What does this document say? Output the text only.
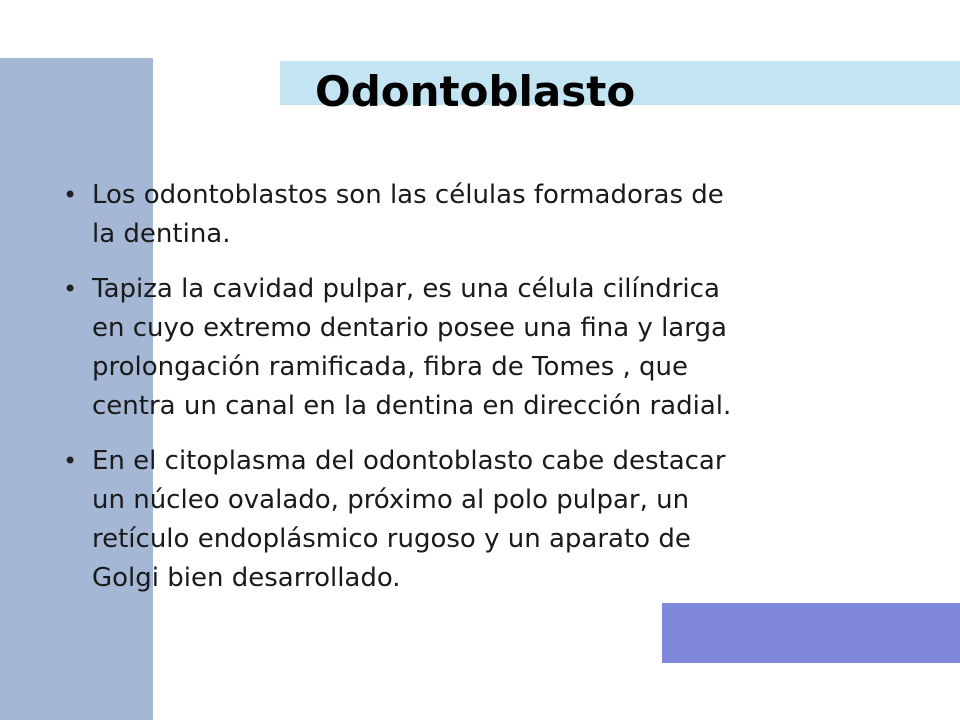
Odontoblasto
• Los odontoblastos son las células formadoras de
la dentina.
• Tapiza la cavidad pulpar, es una célula cilíndrica
en cuyo extremo dentario posee una fina y larga
prolongación ramificada, fibra de Tomes , que
centra un canal en la dentina en dirección radial.
• En el citoplasma del odontoblasto cabe destacar
un núcleo ovalado, próximo al polo pulpar, un
retículo endoplásmico rugoso y un aparato de
Golgi bien desarrollado.
